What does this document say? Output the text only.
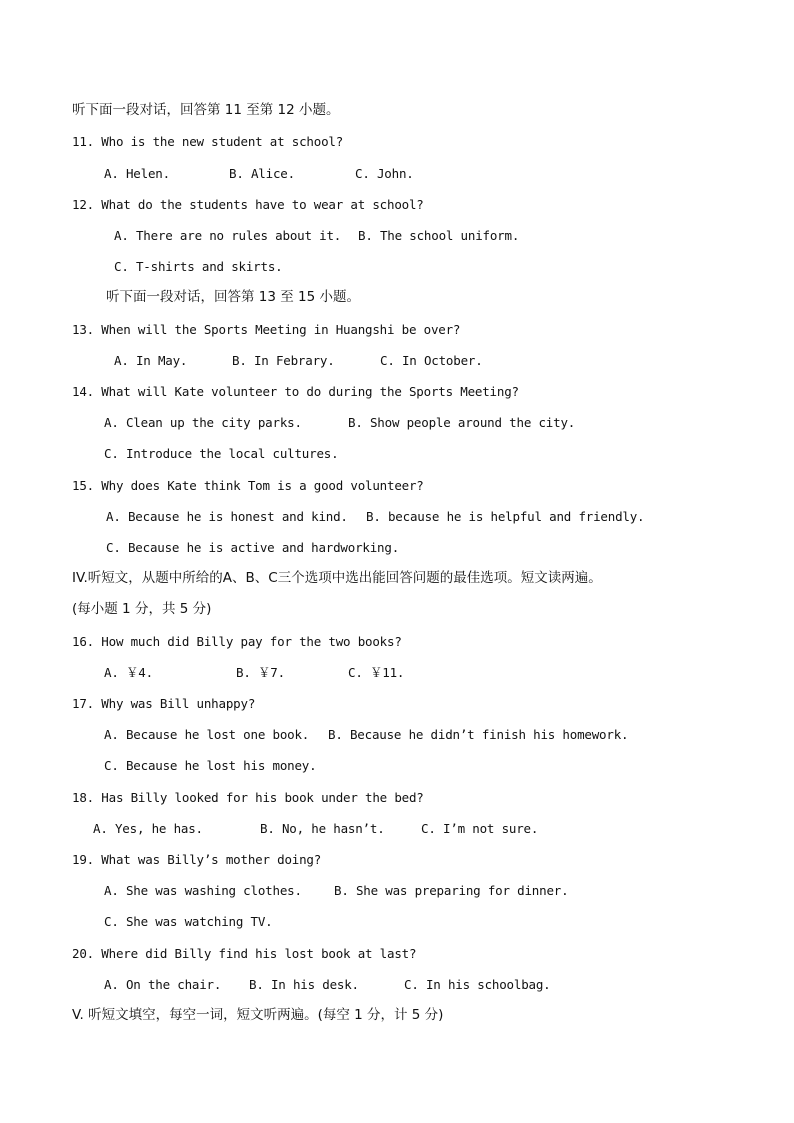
听下面一段对话，回答第 11 至第 12 小题。
11. Who is the new student at school?
A. Helen.	B. Alice.	C. John.
12. What do the students have to wear at school?
A. There are no rules about it. B. The school uniform.
C. T-shirts and skirts.
听下面一段对话，回答第 13 至 15 小题。
13. When will the Sports Meeting in Huangshi be over?
A. In May.	B. In Febrary.	C. In October.
14. What will Kate volunteer to do during the Sports Meeting?
A. Clean up the city parks.	B. Show people around the city.
C. Introduce the local cultures.
15. Why does Kate think Tom is a good volunteer?
A. Because he is honest and kind. B. because he is helpful and friendly.
C. Because he is active and hardworking.
IV.听短文，从题中所给的A、B、C三个选项中选出能回答问题的最佳选项。短文读两遍。
(每小题 1 分，共 5 分)
16. How much did Billy pay for the two books?
A. ￥4.	B. ￥7.	C. ￥11.
17. Why was Bill unhappy?
A. Because he lost one book. B. Because he didn’t finish his homework.
C. Because he lost his money.
18. Has Billy looked for his book under the bed?
A. Yes, he has.	B. No, he hasn’t.	C. I’m not sure.
19. What was Billy’s mother doing?
A. She was washing clothes.	B. She was preparing for dinner.
C. She was watching TV.
20. Where did Billy find his lost book at last?
A. On the chair. B. In his desk.	C. In his schoolbag.
V. 听短文填空，每空一词，短文听两遍。(每空 1 分，计 5 分)
